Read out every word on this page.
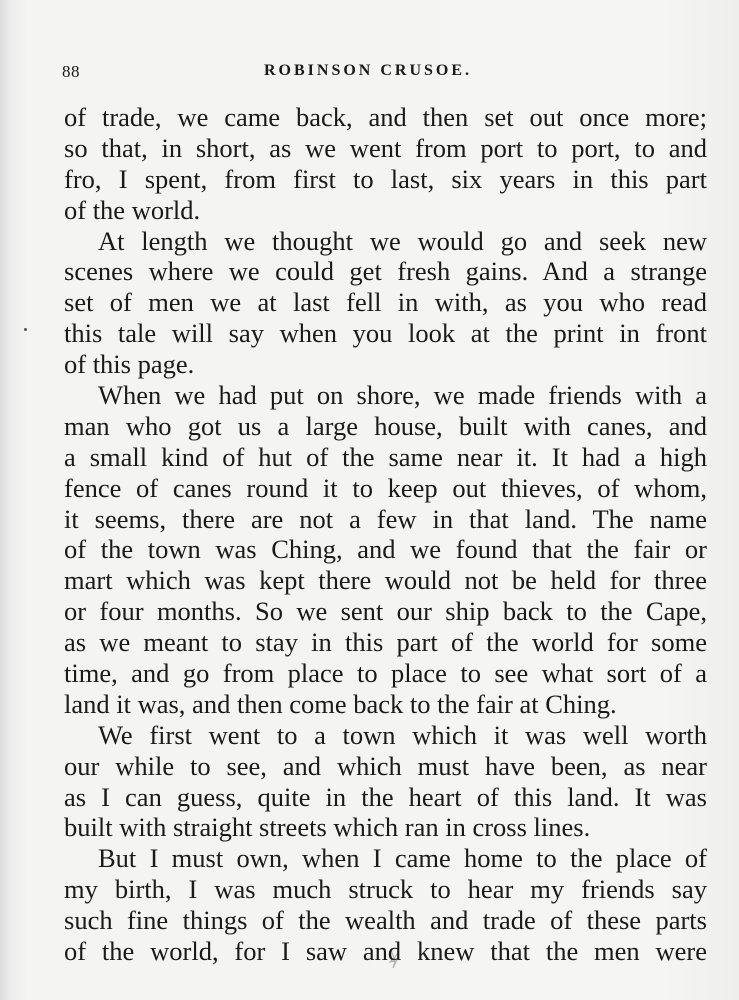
88	ROBINSON CRUSOE.
of trade, we came back, and then set out once more;
so that, in short, as we went from port to port, to and
fro, I spent, from first to last, six years in this part
of the world.
At length we thought we would go and seek new
scenes where we could get fresh gains. And a strange
set of men we at last fell in with, as you who read
this tale will say when you look at the print in front
of this page.
When we had put on shore, we made friends with a
man who got us a large house, built with canes, and
a small kind of hut of the same near it. It had a high
fence of canes round it to keep out thieves, of whom,
it seems, there are not a few in that land. The name
of the town was Ching, and we found that the fair or
mart which was kept there would not be held for three
or four months. So we sent our ship back to the Cape,
as we meant to stay in this part of the world for some
time, and go from place to place to see what sort of a
land it was, and then come back to the fair at Ching.
We first went to a town which it was well worth
our while to see, and which must have been, as near
as I can guess, quite in the heart of this land. It was
built with straight streets which ran in cross lines.
But I must own, when I came home to the place of
my birth, I was much struck to hear my friends say
such fine things of the wealth and trade of these parts
of the world, for I saw and knew that the men were
